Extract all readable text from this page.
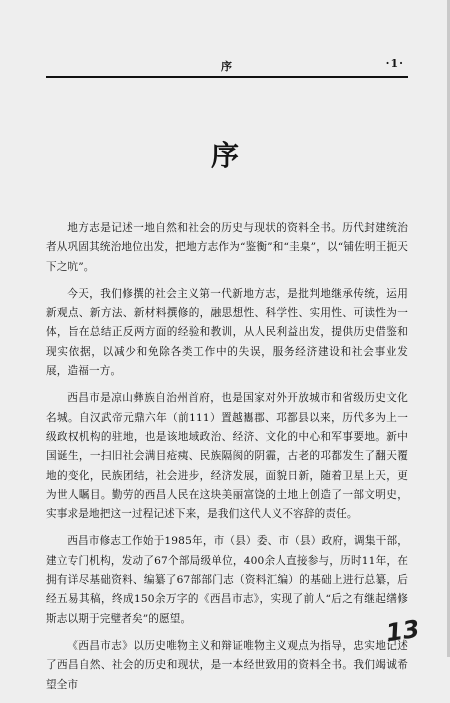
序	·1·
序

地方志是记述一地自然和社会的历史与现状的资料全书。历代封建统治者从巩固其统治地位出发，把地方志作为“鉴衡”和“圭臬”，以“铺佐明王扼天下之吭”。

今天，我们修撰的社会主义第一代新地方志，是批判地继承传统，运用新观点、新方法、新材料撰修的，融思想性、科学性、实用性、可读性为一体，旨在总结正反两方面的经验和教训，从人民利益出发，提供历史借鉴和现实依据，以减少和免除各类工作中的失误，服务经济建设和社会事业发展，造福一方。

西昌市是凉山彝族自治州首府，也是国家对外开放城市和省级历史文化名城。自汉武帝元鼎六年（前111）置越巂郡、邛都县以来，历代多为上一级政权机构的驻地，也是该地域政治、经济、文化的中心和军事要地。新中国诞生，一扫旧社会满目疮痍、民族隔阂的阴霾，古老的邛都发生了翻天覆地的变化，民族团结，社会进步，经济发展，面貌日新，随着卫星上天，更为世人瞩目。勤劳的西昌人民在这块美丽富饶的土地上创造了一部文明史，实事求是地把这一过程记述下来，是我们这代人义不容辞的责任。

西昌市修志工作始于1985年，市（县）委、市（县）政府，调集干部，建立专门机构，发动了67个部局级单位，400余人直接参与，历时11年，在拥有详尽基础资料、编纂了67部部门志（资料汇编）的基础上进行总纂，后经五易其稿，终成150余万字的《西昌市志》，实现了前人“后之有继起缮修斯志以期于完璧者矣”的愿望。

《西昌市志》以历史唯物主义和辩证唯物主义观点为指导，忠实地记述了西昌自然、社会的历史和现状，是一本经世致用的资料全书。我们竭诚希望全市

13
